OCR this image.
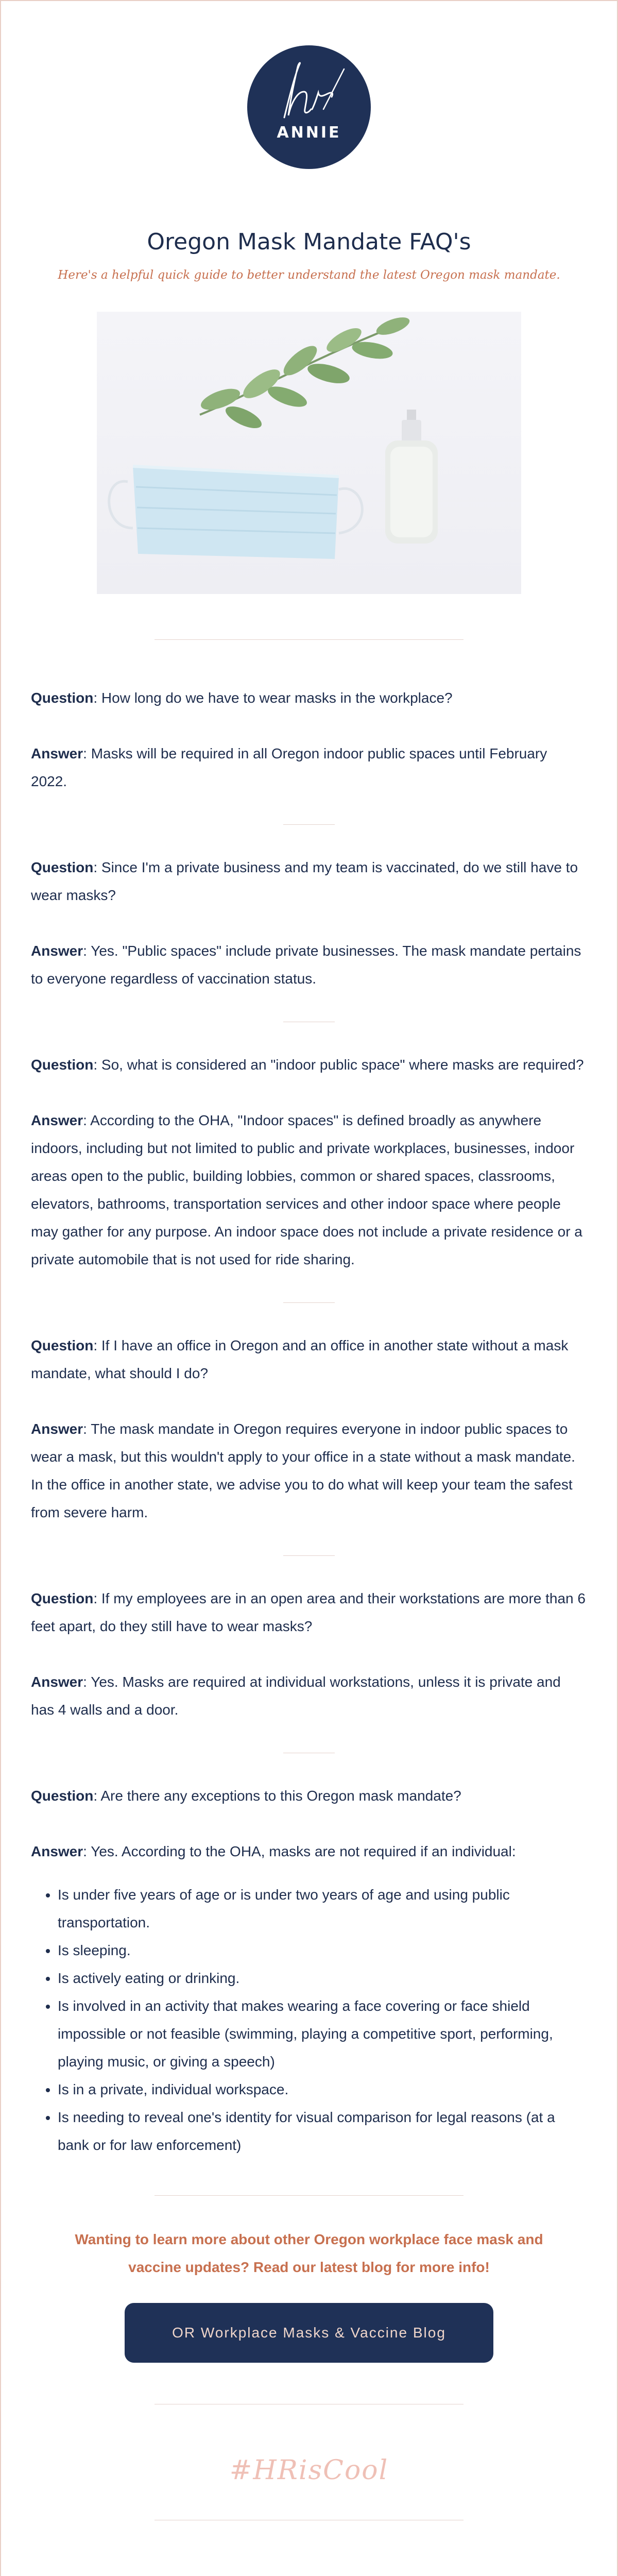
ANNIE
Oregon Mask Mandate FAQ's

Here's a helpful quick guide to better understand the latest Oregon mask mandate.

Question: How long do we have to wear masks in the workplace?

Answer: Masks will be required in all Oregon indoor public spaces until February 2022.

Question: Since I'm a private business and my team is vaccinated, do we still have to wear masks?

Answer: Yes. "Public spaces" include private businesses. The mask mandate pertains to everyone regardless of vaccination status.

Question: So, what is considered an "indoor public space" where masks are required?

Answer: According to the OHA, "Indoor spaces" is defined broadly as anywhere indoors, including but not limited to public and private workplaces, businesses, indoor areas open to the public, building lobbies, common or shared spaces, classrooms, elevators, bathrooms, transportation services and other indoor space where people may gather for any purpose. An indoor space does not include a private residence or a private automobile that is not used for ride sharing.

Question: If I have an office in Oregon and an office in another state without a mask mandate, what should I do?

Answer: The mask mandate in Oregon requires everyone in indoor public spaces to wear a mask, but this wouldn't apply to your office in a state without a mask mandate. In the office in another state, we advise you to do what will keep your team the safest from severe harm.

Question: If my employees are in an open area and their workstations are more than 6 feet apart, do they still have to wear masks?

Answer: Yes. Masks are required at individual workstations, unless it is private and has 4 walls and a door.

Question: Are there any exceptions to this Oregon mask mandate?

Answer: Yes. According to the OHA, masks are not required if an individual:

• Is under five years of age or is under two years of age and using public transportation.
• Is sleeping.
• Is actively eating or drinking.
• Is involved in an activity that makes wearing a face covering or face shield impossible or not feasible (swimming, playing a competitive sport, performing, playing music, or giving a speech)
• Is in a private, individual workspace.
• Is needing to reveal one's identity for visual comparison for legal reasons (at a bank or for law enforcement)

Wanting to learn more about other Oregon workplace face mask and vaccine updates? Read our latest blog for more info!

OR Workplace Masks & Vaccine Blog
#HRisCool
